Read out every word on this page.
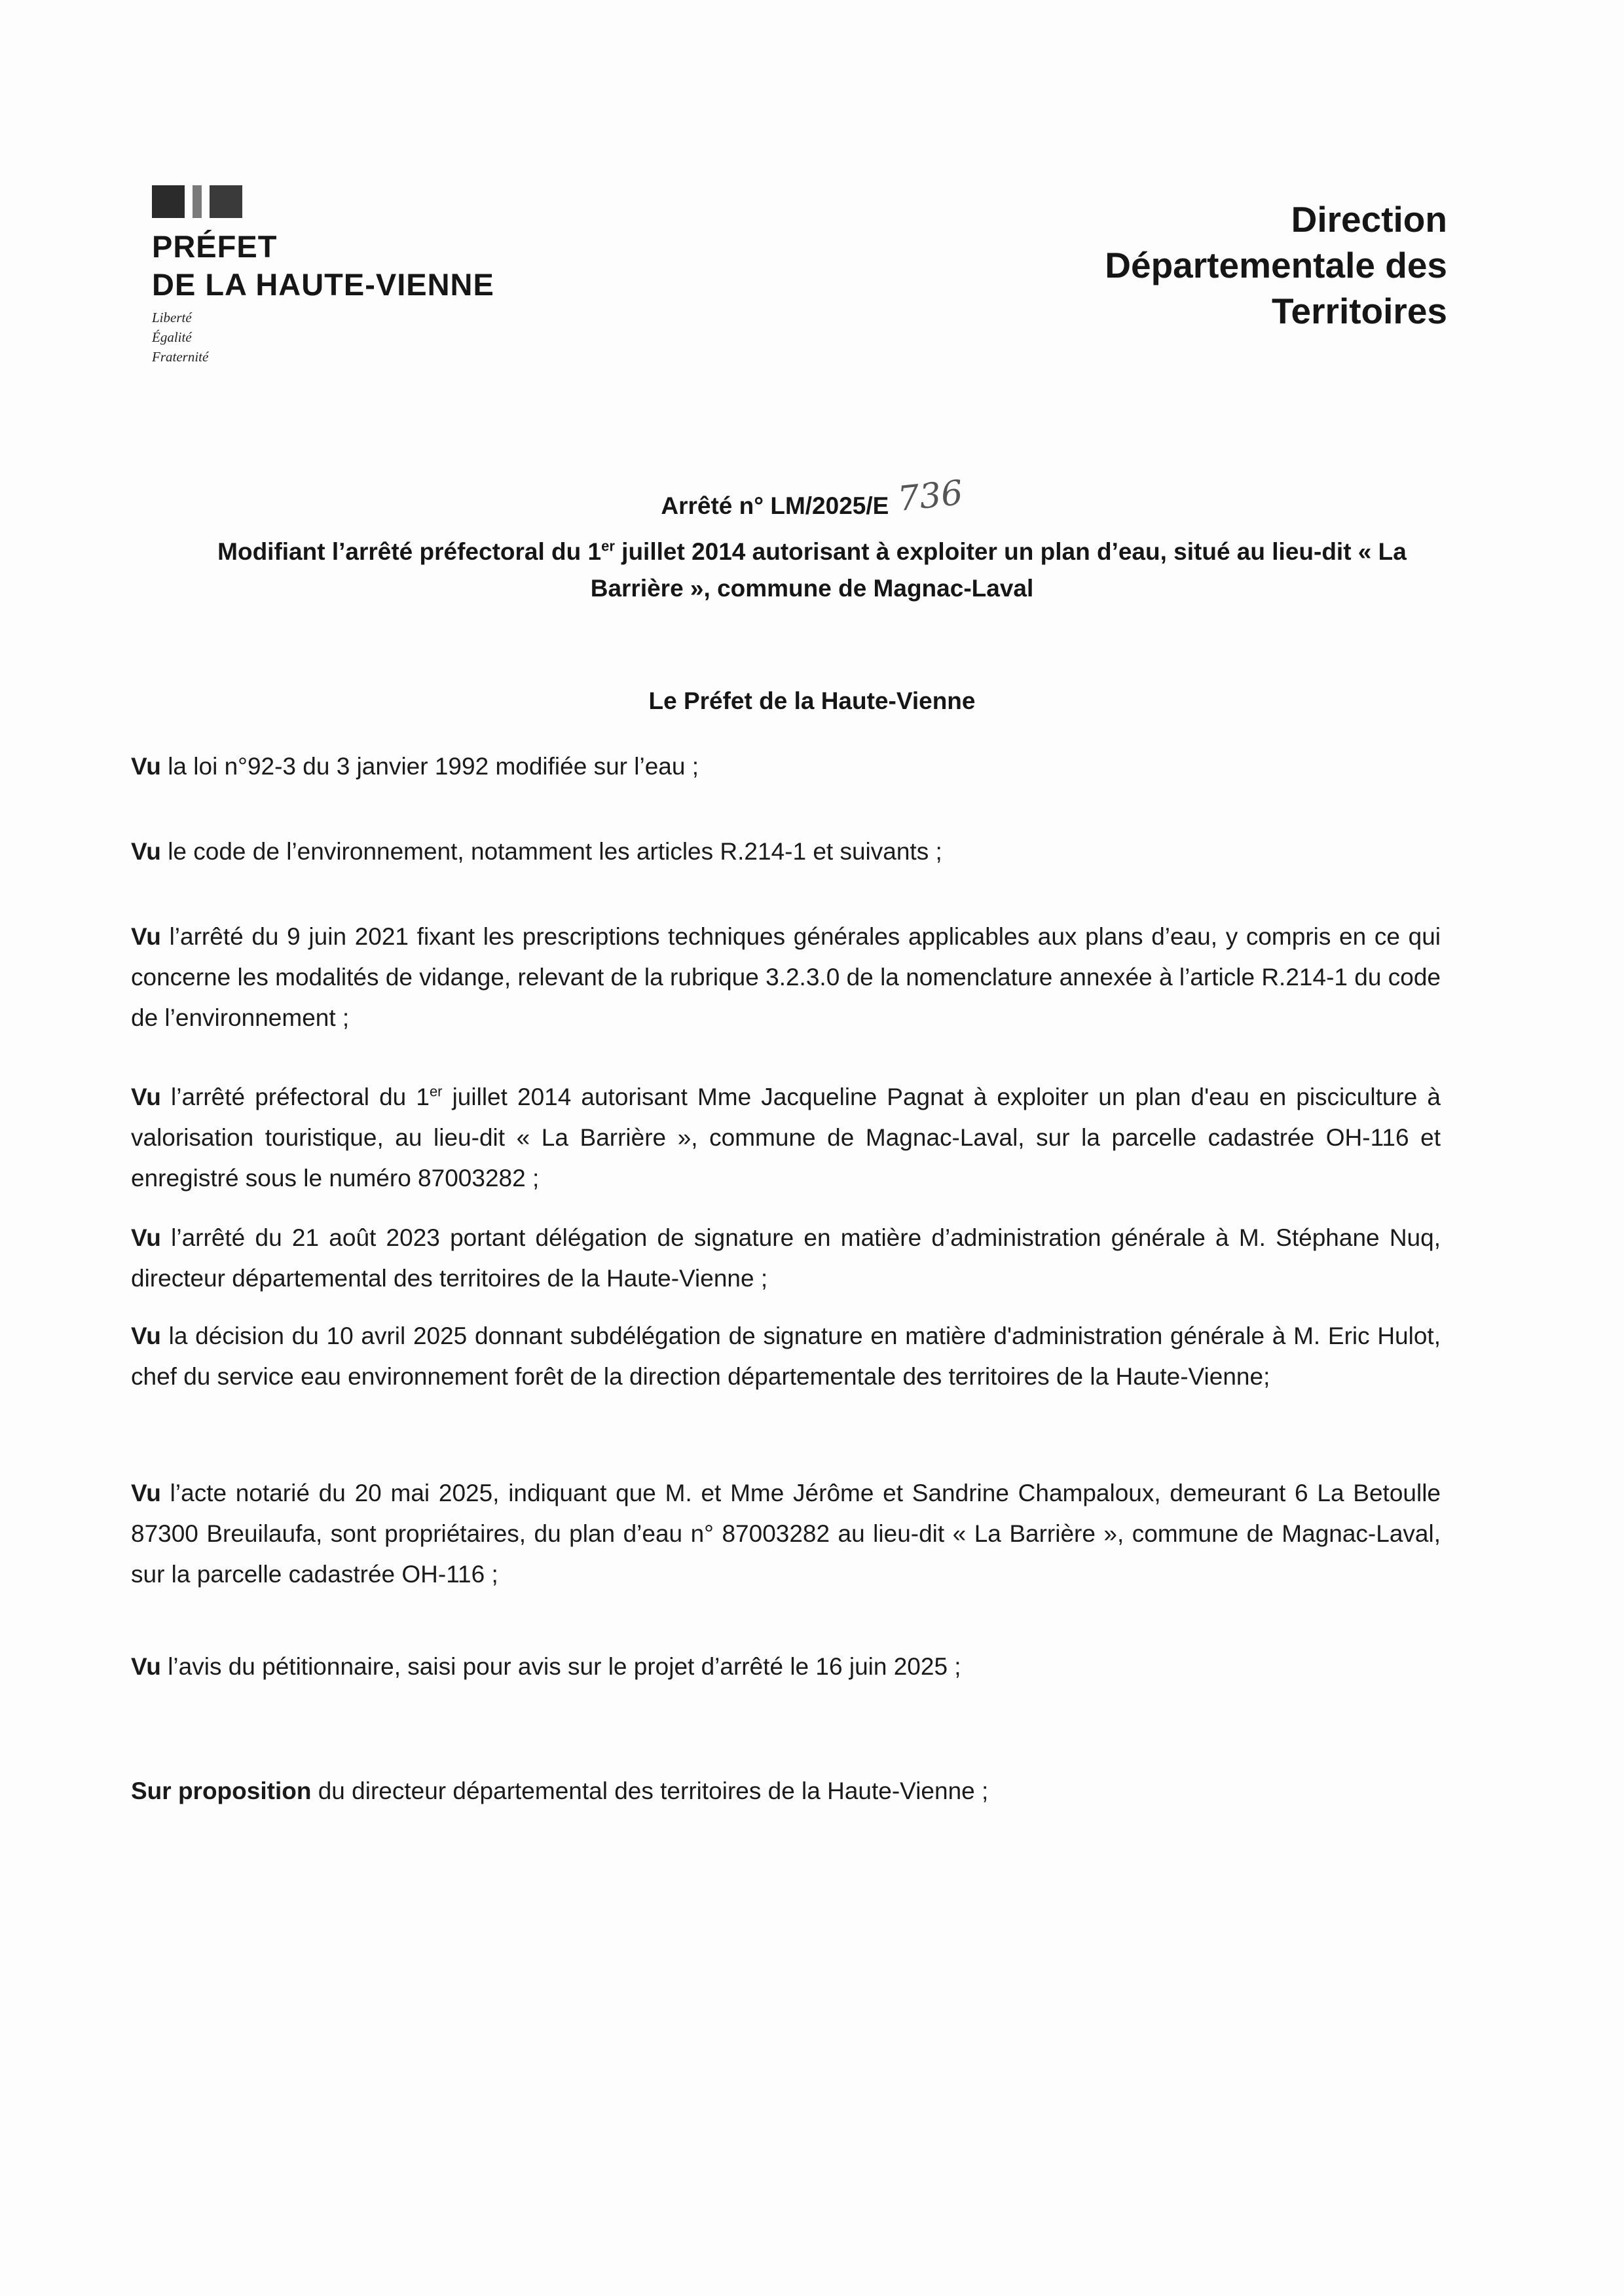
PRÉFET
DE LA HAUTE-VIENNE
Liberté
Égalité
Fraternité
Direction
Départementale des
Territoires
Arrêté n° LM/2025/E 736
Modifiant l’arrêté préfectoral du 1er juillet 2014 autorisant à exploiter un plan d’eau, situé au lieu-dit « La Barrière », commune de Magnac-Laval
Le Préfet de la Haute-Vienne
Vu la loi n°92-3 du 3 janvier 1992 modifiée sur l’eau ;
Vu le code de l’environnement, notamment les articles R.214-1 et suivants ;
Vu l’arrêté du 9 juin 2021 fixant les prescriptions techniques générales applicables aux plans d’eau, y compris en ce qui concerne les modalités de vidange, relevant de la rubrique 3.2.3.0 de la nomenclature annexée à l’article R.214-1 du code de l’environnement ;
Vu l’arrêté préfectoral du 1er juillet 2014 autorisant Mme Jacqueline Pagnat à exploiter un plan d'eau en pisciculture à valorisation touristique, au lieu-dit « La Barrière », commune de Magnac-Laval, sur la parcelle cadastrée OH-116 et enregistré sous le numéro 87003282 ;
Vu l’arrêté du 21 août 2023 portant délégation de signature en matière d’administration générale à M. Stéphane Nuq, directeur départemental des territoires de la Haute-Vienne ;
Vu la décision du 10 avril 2025 donnant subdélégation de signature en matière d'administration générale à M. Eric Hulot, chef du service eau environnement forêt de la direction départementale des territoires de la Haute-Vienne;
Vu l’acte notarié du 20 mai 2025, indiquant que M. et Mme Jérôme et Sandrine Champaloux, demeurant 6 La Betoulle 87300 Breuilaufa, sont propriétaires, du plan d’eau n° 87003282 au lieu-dit « La Barrière », commune de Magnac-Laval, sur la parcelle cadastrée OH-116 ;
Vu l’avis du pétitionnaire, saisi pour avis sur le projet d’arrêté le 16 juin 2025 ;
Sur proposition du directeur départemental des territoires de la Haute-Vienne ;
